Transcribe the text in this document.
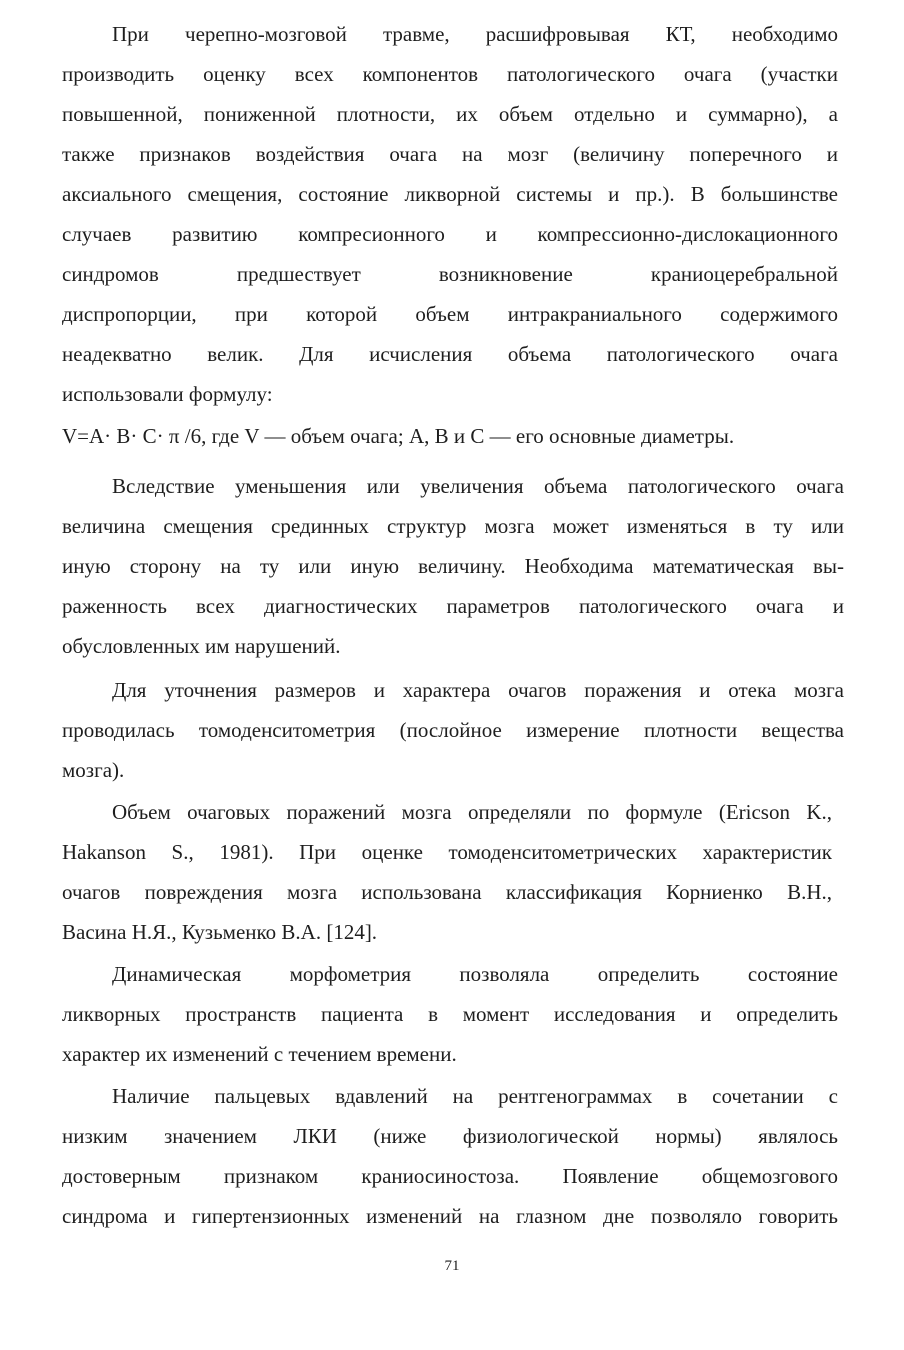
При черепно-мозговой травме, расшифровывая КТ, необходимо
производить оценку всех компонентов патологического очага (участки
повышенной, пониженной плотности, их объем отдельно и суммарно), а
также признаков воздействия очага на мозг (величину поперечного и
аксиального смещения, состояние ликворной системы и пр.). В большинстве
случаев развитию компресионного и компрессионно-дислокационного
синдромов предшествует возникновение краниоцеребральной
диспропорции, при которой объем интракраниального содержимого
неадекватно велик. Для исчисления объема патологического очага
использовали формулу:
V=A· B· C· π /6, где V — объем очага; A, B и C — его основные диаметры.
Вследствие уменьшения или увеличения объема патологического очага
величина смещения срединных структур мозга может изменяться в ту или
иную сторону на ту или иную величину. Необходима математическая вы-
раженность всех диагностических параметров патологического очага и
обусловленных им нарушений.
Для уточнения размеров и характера очагов поражения и отека мозга
проводилась томоденситометрия (послойное измерение плотности вещества
мозга).
Объем очаговых поражений мозга определяли по формуле (Ericson K.,
Hakanson S., 1981). При оценке томоденситометрических характеристик
очагов повреждения мозга использована классификация Корниенко В.Н.,
Васина Н.Я., Кузьменко В.А. [124].
Динамическая морфометрия позволяла определить состояние
ликворных пространств пациента в момент исследования и определить
характер их изменений с течением времени.
Наличие пальцевых вдавлений на рентгенограммах в сочетании с
низким значением ЛКИ (ниже физиологической нормы) являлось
достоверным признаком краниосиностоза. Появление общемозгового
синдрома и гипертензионных изменений на глазном дне позволяло говорить
71
